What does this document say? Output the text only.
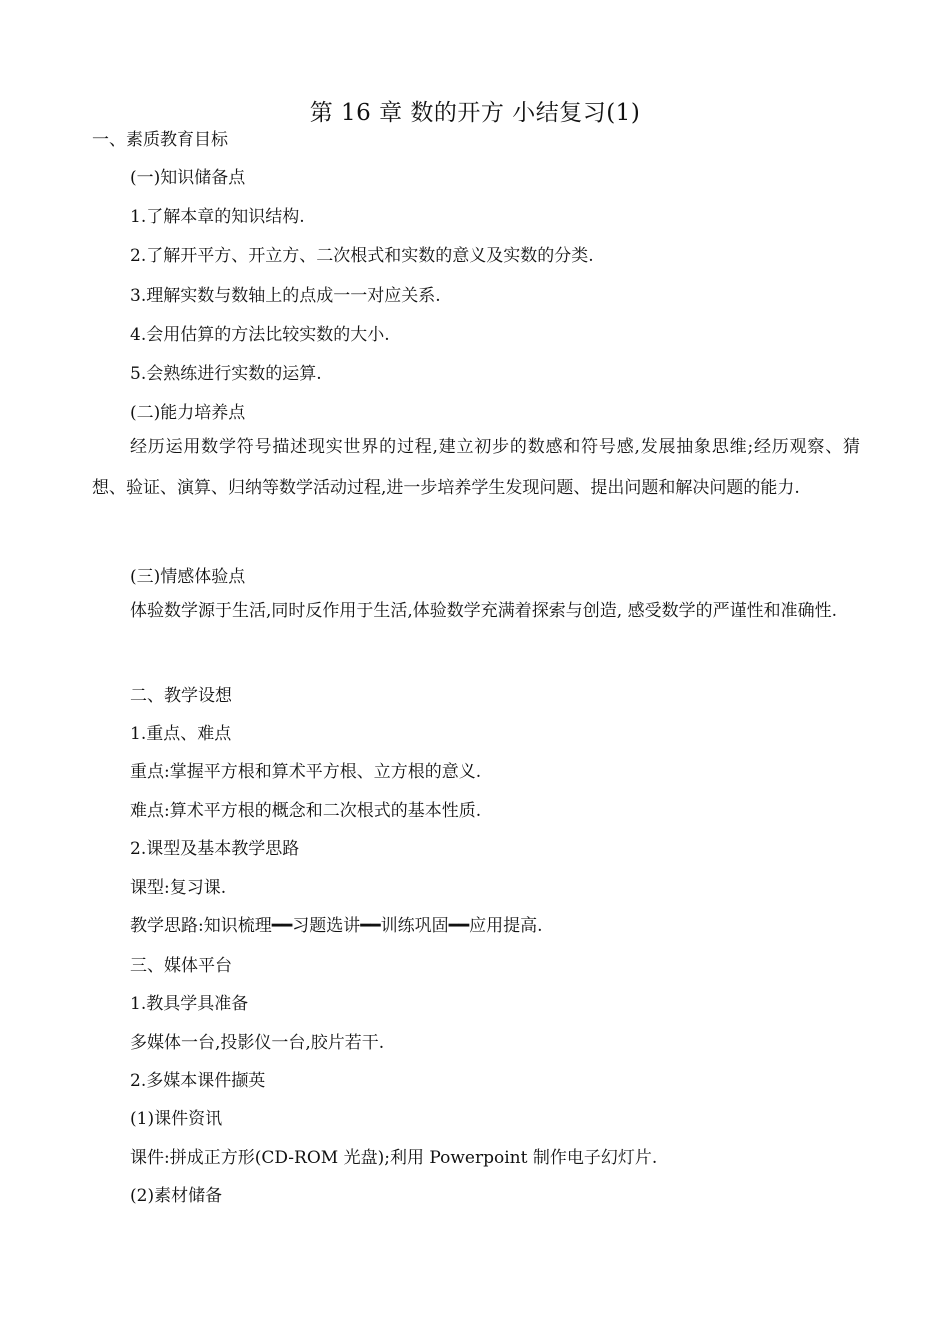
第 16 章 数的开方 小结复习(1)
一、素质教育目标
(一)知识储备点
1.了解本章的知识结构.
2.了解开平方、开立方、二次根式和实数的意义及实数的分类.
3.理解实数与数轴上的点成一一对应关系.
4.会用估算的方法比较实数的大小.
5.会熟练进行实数的运算.
(二)能力培养点
经历运用数学符号描述现实世界的过程,建立初步的数感和符号感,发展抽象思维;经历观察、猜想、验证、演算、归纳等数学活动过程,进一步培养学生发现问题、提出问题和解决问题的能力.
(三)情感体验点
体验数学源于生活,同时反作用于生活,体验数学充满着探索与创造, 感受数学的严谨性和准确性.
二、教学设想
1.重点、难点
重点:掌握平方根和算术平方根、立方根的意义.
难点:算术平方根的概念和二次根式的基本性质.
2.课型及基本教学思路
课型:复习课.
教学思路:知识梳理━━习题选讲━━训练巩固━━应用提高.
三、媒体平台
1.教具学具准备
多媒体一台,投影仪一台,胶片若干.
2.多媒本课件撷英
(1)课件资讯
课件:拼成正方形(CD-ROM 光盘);利用 Powerpoint 制作电子幻灯片.
(2)素材储备
